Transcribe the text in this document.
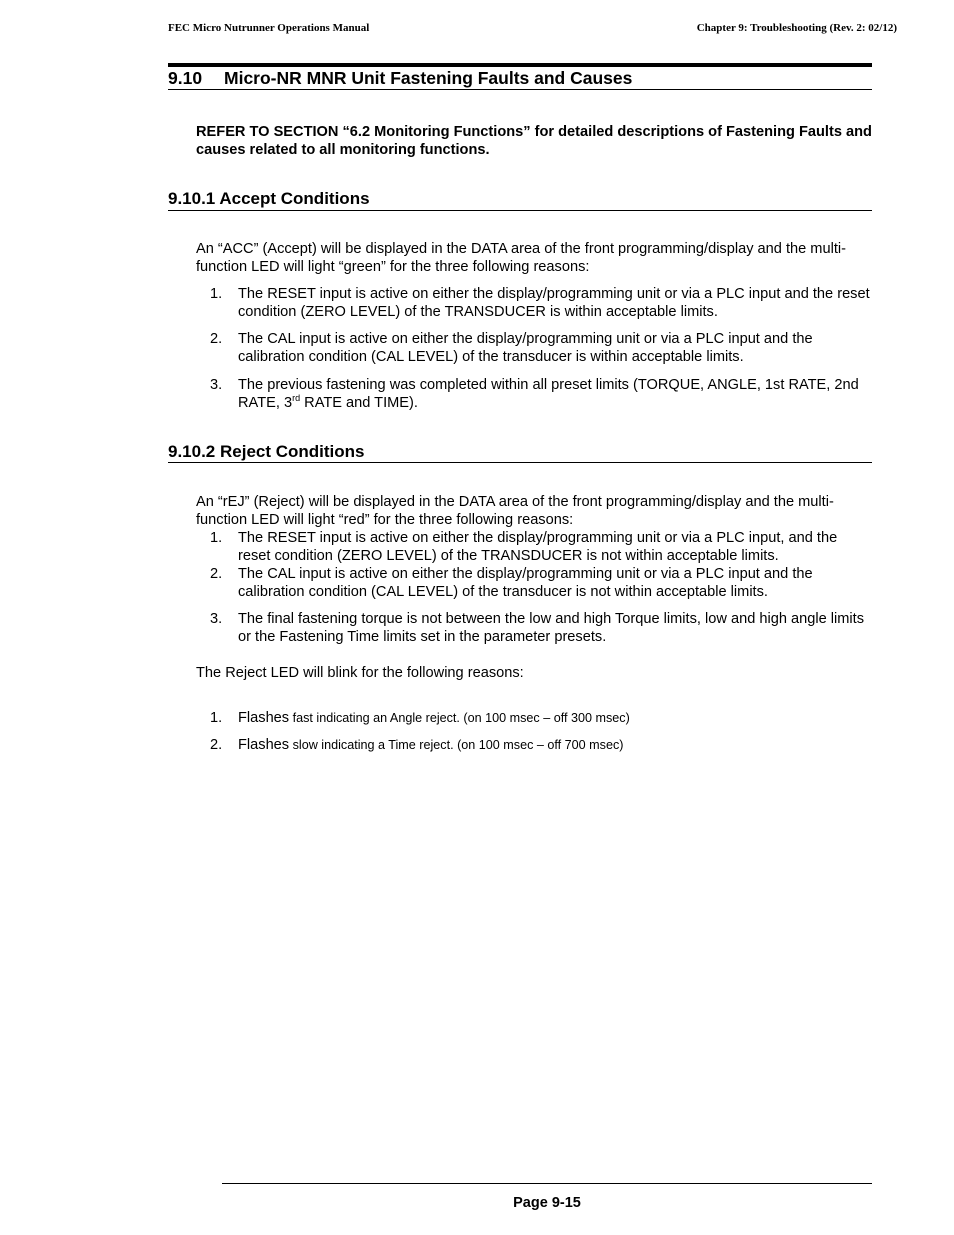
FEC Micro Nutrunner Operations Manual	Chapter 9: Troubleshooting (Rev. 2: 02/12)
9.10 Micro-NR MNR Unit Fastening Faults and Causes
REFER TO SECTION “6.2 Monitoring Functions” for detailed descriptions of Fastening Faults and causes related to all monitoring functions.
9.10.1 Accept Conditions
An “ACC” (Accept) will be displayed in the DATA area of the front programming/display and the multi-function LED will light “green” for the three following reasons:
1. The RESET input is active on either the display/programming unit or via a PLC input and the reset condition (ZERO LEVEL) of the TRANSDUCER is within acceptable limits.
2. The CAL input is active on either the display/programming unit or via a PLC input and the calibration condition (CAL LEVEL) of the transducer is within acceptable limits.
3. The previous fastening was completed within all preset limits (TORQUE, ANGLE, 1st RATE, 2nd RATE, 3rd RATE and TIME).
9.10.2 Reject Conditions
An “rEJ” (Reject) will be displayed in the DATA area of the front programming/display and the multi-function LED will light “red” for the three following reasons:
1. The RESET input is active on either the display/programming unit or via a PLC input, and the reset condition (ZERO LEVEL) of the TRANSDUCER is not within acceptable limits.
2. The CAL input is active on either the display/programming unit or via a PLC input and the calibration condition (CAL LEVEL) of the transducer is not within acceptable limits.
3. The final fastening torque is not between the low and high Torque limits, low and high angle limits or the Fastening Time limits set in the parameter presets.
The Reject LED will blink for the following reasons:
1. Flashes fast indicating an Angle reject. (on 100 msec – off 300 msec)
2. Flashes slow indicating a Time reject. (on 100 msec – off 700 msec)
Page 9-15
